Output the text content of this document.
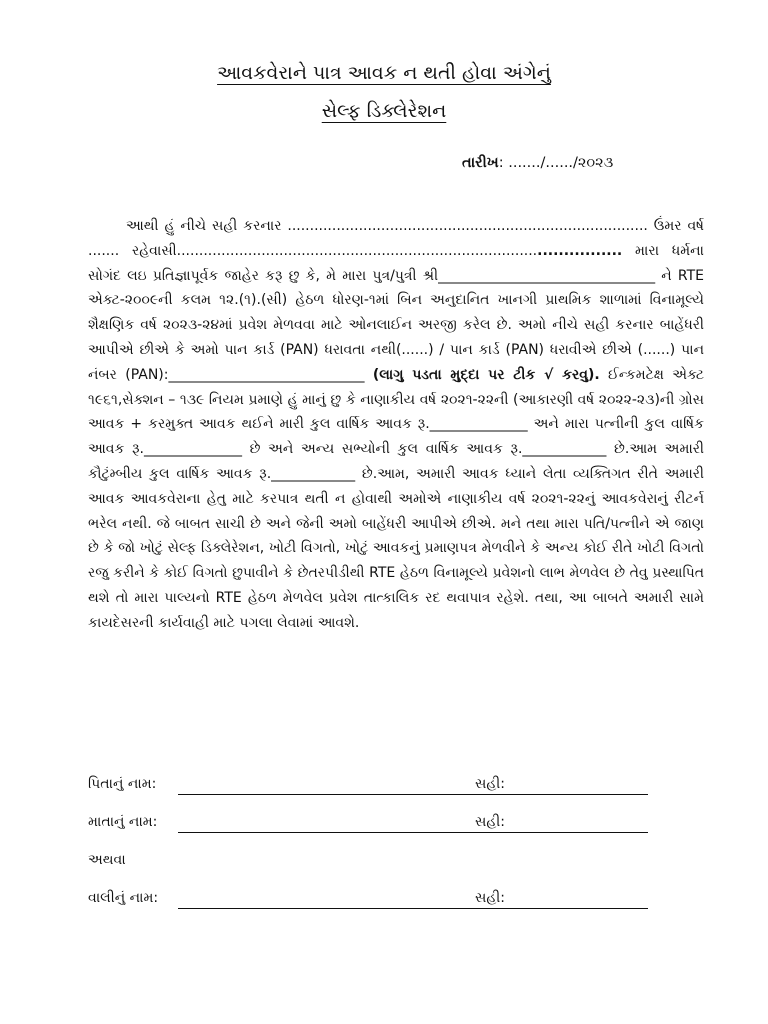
આવકવેરાને પાત્ર આવક ન થતી હોવા અંગેનું
સેલ્ફ ડિક્લેરેશન
તારીખ: ......./....../૨૦૨૩
આથી હું નીચે સહી કરનાર ................................................................................. ઉંમર વર્ષ ....... રહેવાસી................................................................................................. મારા ધર્મના સોગંદ લઇ પ્રતિજ્ઞાપૂર્વક જાહેર કરૂ છુ કે, મે મારા પુત્ર/પુત્રી શ્રી_______________________________ ને RTE એક્ટ-૨૦૦૯ની કલમ ૧૨.(૧).(સી) હેઠળ ધોરણ-૧માં બિન અનુદાનિત ખાનગી પ્રાથમિક શાળામાં વિનામૂલ્યે શૈક્ષણિક વર્ષ ૨૦૨૩-૨૪માં પ્રવેશ મેળવવા માટે ઓનલાઈન અરજી કરેલ છે. અમો નીચે સહી કરનાર બાહેંધરી આપીએ છીએ કે અમો પાન કાર્ડ (PAN) ધરાવતા નથી(......) / પાન કાર્ડ (PAN) ધરાવીએ છીએ (......) પાન નંબર (PAN):____________________________ (લાગુ પડતા મુદ્દા પર ટીક √ કરવુ). ઈન્કમટેક્ષ એક્ટ ૧૯૬૧,સેક્શન – ૧૩૯ નિયમ પ્રમાણે હું માનું છુ કે નાણાકીય વર્ષ ૨૦૨૧-૨૨ની (આકારણી વર્ષ ૨૦૨૨-૨૩)ની ગ્રોસ આવક + કરમુક્ત આવક થઈને મારી કુલ વાર્ષિક આવક રૂ.______________ અને મારા પત્નીની કુલ વાર્ષિક આવક રૂ.______________ છે અને અન્ય સભ્યોની કુલ વાર્ષિક આવક રૂ.____________ છે.આમ અમારી કૌટુંમ્બીય કુલ વાર્ષિક આવક રૂ.____________ છે.આમ, અમારી આવક ધ્યાને લેતા વ્યક્તિગત રીતે અમારી આવક આવકવેરાના હેતુ માટે કરપાત્ર થતી ન હોવાથી અમોએ નાણાકીય વર્ષ ૨૦૨૧-૨૨નું આવકવેરાનું રીટર્ન ભરેલ નથી. જે બાબત સાચી છે અને જેની અમો બાહેંધરી આપીએ છીએ. મને તથા મારા પતિ/પત્નીને એ જાણ છે કે જો ખોટું સેલ્ફ ડિક્લેરેશન, ખોટી વિગતો, ખોટું આવકનું પ્રમાણપત્ર મેળવીને કે અન્ય કોઈ રીતે ખોટી વિગતો રજુ કરીને કે કોઈ વિગતો છુપાવીને કે છેતરપીડીથી RTE હેઠળ વિનામૂલ્યે પ્રવેશનો લાભ મેળવેલ છે તેવુ પ્રસ્થાપિત થશે તો મારા પાલ્યનો RTE હેઠળ મેળવેલ પ્રવેશ તાત્કાલિક રદ થવાપાત્ર રહેશે. તથા, આ બાબતે અમારી સામે કાયદેસરની કાર્યવાહી માટે પગલા લેવામાં આવશે.
પિતાનું નામ:	સહી:
માતાનું નામ:	સહી:
અથવા
વાલીનું નામ:	સહી:
